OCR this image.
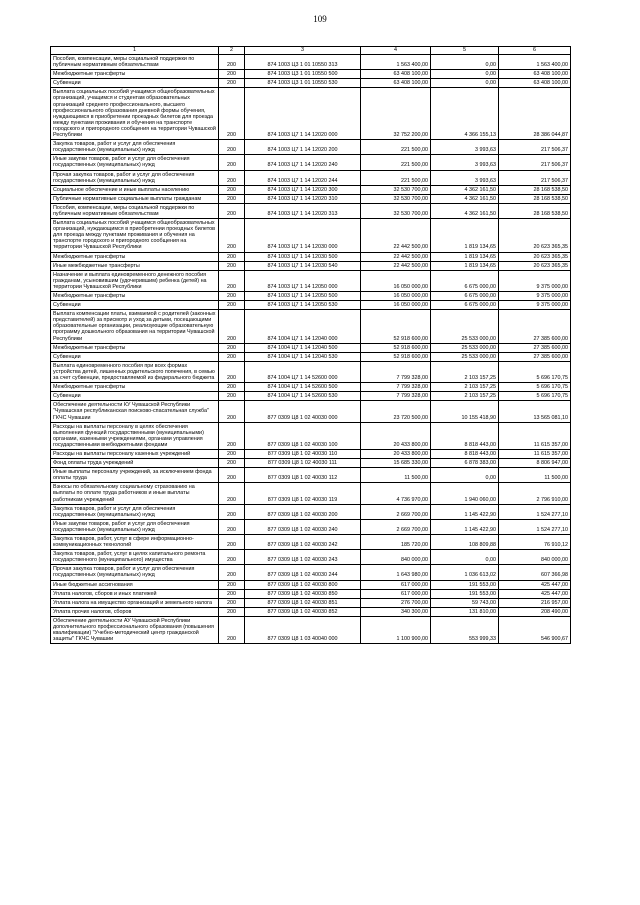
109
1	2	3	4	5	6
Пособия, компенсации, меры социальной поддержки по публичным нормативным обязательствам	200	874 1003 Ц3 1 01 10550 313	1 563 400,00	0,00	1 563 400,00
Межбюджетные трансферты	200	874 1003 Ц3 1 01 10550 500	63 408 100,00	0,00	63 408 100,00
Субвенции	200	874 1003 Ц3 1 01 10550 530	63 408 100,00	0,00	63 408 100,00
Выплата социальных пособий учащимся общеобразовательных организаций, учащимся и студентам образовательных организаций среднего профессионального, высшего профессионального образования дневной формы обучения, нуждающимся в приобретении проездных билетов для проезда между пунктами проживания и обучения на транспорте городского и пригородного сообщения на территории Чувашской Республики	200	874 1003 Ц7 1 14 12020 000	32 752 200,00	4 366 155,13	28 386 044,87
Закупка товаров, работ и услуг для обеспечения государственных (муниципальных) нужд	200	874 1003 Ц7 1 14 12020 200	221 500,00	3 993,63	217 506,37
Иные закупки товаров, работ и услуг для обеспечения государственных (муниципальных) нужд	200	874 1003 Ц7 1 14 12020 240	221 500,00	3 993,63	217 506,37
Прочая закупка товаров, работ и услуг для обеспечения государственных (муниципальных) нужд	200	874 1003 Ц7 1 14 12020 244	221 500,00	3 993,63	217 506,37
Социальное обеспечение и иные выплаты населению	200	874 1003 Ц7 1 14 12020 300	32 530 700,00	4 362 161,50	28 168 538,50
Публичные нормативные социальные выплаты гражданам	200	874 1003 Ц7 1 14 12020 310	32 530 700,00	4 362 161,50	28 168 538,50
Пособия, компенсации, меры социальной поддержки по публичным нормативным обязательствам	200	874 1003 Ц7 1 14 12020 313	32 530 700,00	4 362 161,50	28 168 538,50
Выплата социальных пособий учащимся общеобразовательных организаций, нуждающимся в приобретении проездных билетов для проезда между пунктами проживания и обучения на транспорте городского и пригородного сообщения на территории Чувашской Республики	200	874 1003 Ц7 1 14 12030 000	22 442 500,00	1 819 134,65	20 623 365,35
Межбюджетные трансферты	200	874 1003 Ц7 1 14 12030 500	22 442 500,00	1 819 134,65	20 623 365,35
Иные межбюджетные трансферты	200	874 1003 Ц7 1 14 12030 540	22 442 500,00	1 819 134,65	20 623 365,35
Назначение и выплата единовременного денежного пособия гражданам, усыновившим (удочерившим) ребенка (детей) на территории Чувашской Республики	200	874 1003 Ц7 1 14 12050 000	16 050 000,00	6 675 000,00	9 375 000,00
Межбюджетные трансферты	200	874 1003 Ц7 1 14 12050 500	16 050 000,00	6 675 000,00	9 375 000,00
Субвенции	200	874 1003 Ц7 1 14 12050 530	16 050 000,00	6 675 000,00	9 375 000,00
Выплата компенсации платы, взимаемой с родителей (законных представителей) за присмотр и уход за детьми, посещающими образовательные организации, реализующие образовательную программу дошкольного образования на территории Чувашской Республики	200	874 1004 Ц7 1 14 12040 000	52 918 600,00	25 533 000,00	27 385 600,00
Межбюджетные трансферты	200	874 1004 Ц7 1 14 12040 500	52 918 600,00	25 533 000,00	27 385 600,00
Субвенции	200	874 1004 Ц7 1 14 12040 530	52 918 600,00	25 533 000,00	27 385 600,00
Выплата единовременного пособия при всех формах устройства детей, лишенных родительского попечения, в семью за счет субвенции, предоставляемой из федерального бюджета	200	874 1004 Ц7 1 14 52600 000	7 799 328,00	2 103 157,25	5 696 170,75
Межбюджетные трансферты	200	874 1004 Ц7 1 14 52600 500	7 799 328,00	2 103 157,25	5 696 170,75
Субвенции	200	874 1004 Ц7 1 14 52600 530	7 799 328,00	2 103 157,25	5 696 170,75
Обеспечение деятельности КУ Чувашской Республики "Чувашская республиканская поисково-спасательная служба" ГКЧС Чувашии	200	877 0309 Ц8 1 02 40030 000	23 720 500,00	10 155 418,90	13 565 081,10
Расходы на выплаты персоналу в целях обеспечения выполнения функций государственными (муниципальными) органами, казенными учреждениями, органами управления государственными внебюджетными фондами	200	877 0309 Ц8 1 02 40030 100	20 433 800,00	8 818 443,00	11 615 357,00
Расходы на выплаты персоналу казенных учреждений	200	877 0309 Ц8 1 02 40030 110	20 433 800,00	8 818 443,00	11 615 357,00
Фонд оплаты труда учреждений	200	877 0309 Ц8 1 02 40030 111	15 685 330,00	6 878 383,00	8 806 947,00
Иные выплаты персоналу учреждений, за исключением фонда оплаты труда	200	877 0309 Ц8 1 02 40030 112	11 500,00	0,00	11 500,00
Взносы по обязательному социальному страхованию на выплаты по оплате труда работников и иные выплаты работникам учреждений	200	877 0309 Ц8 1 02 40030 119	4 736 970,00	1 940 060,00	2 796 910,00
Закупка товаров, работ и услуг для обеспечения государственных (муниципальных) нужд	200	877 0309 Ц8 1 02 40030 200	2 669 700,00	1 145 422,90	1 524 277,10
Иные закупки товаров, работ и услуг для обеспечения государственных (муниципальных) нужд	200	877 0309 Ц8 1 02 40030 240	2 669 700,00	1 145 422,90	1 524 277,10
Закупка товаров, работ, услуг в сфере информационно-коммуникационных технологий	200	877 0309 Ц8 1 02 40030 242	185 720,00	108 809,88	76 910,12
Закупка товаров, работ, услуг в целях капитального ремонта государственного (муниципального) имущества	200	877 0309 Ц8 1 02 40030 243	840 000,00	0,00	840 000,00
Прочая закупка товаров, работ и услуг для обеспечения государственных (муниципальных) нужд	200	877 0309 Ц8 1 02 40030 244	1 643 980,00	1 036 613,02	607 366,98
Иные бюджетные ассигнования	200	877 0309 Ц8 1 02 40030 800	617 000,00	191 553,00	425 447,00
Уплата налогов, сборов и иных платежей	200	877 0309 Ц8 1 02 40030 850	617 000,00	191 553,00	425 447,00
Уплата налога на имущество организаций и земельного налога	200	877 0309 Ц8 1 02 40030 851	276 700,00	59 743,00	216 957,00
Уплата прочих налогов, сборов	200	877 0309 Ц8 1 02 40030 852	340 300,00	131 810,00	208 490,00
Обеспечение деятельности АУ Чувашской Республики дополнительного профессионального образования (повышения квалификации) "Учебно-методический центр гражданской защиты" ГКЧС Чувашии	200	877 0309 Ц8 1 03 40040 000	1 100 900,00	553 999,33	546 900,67
